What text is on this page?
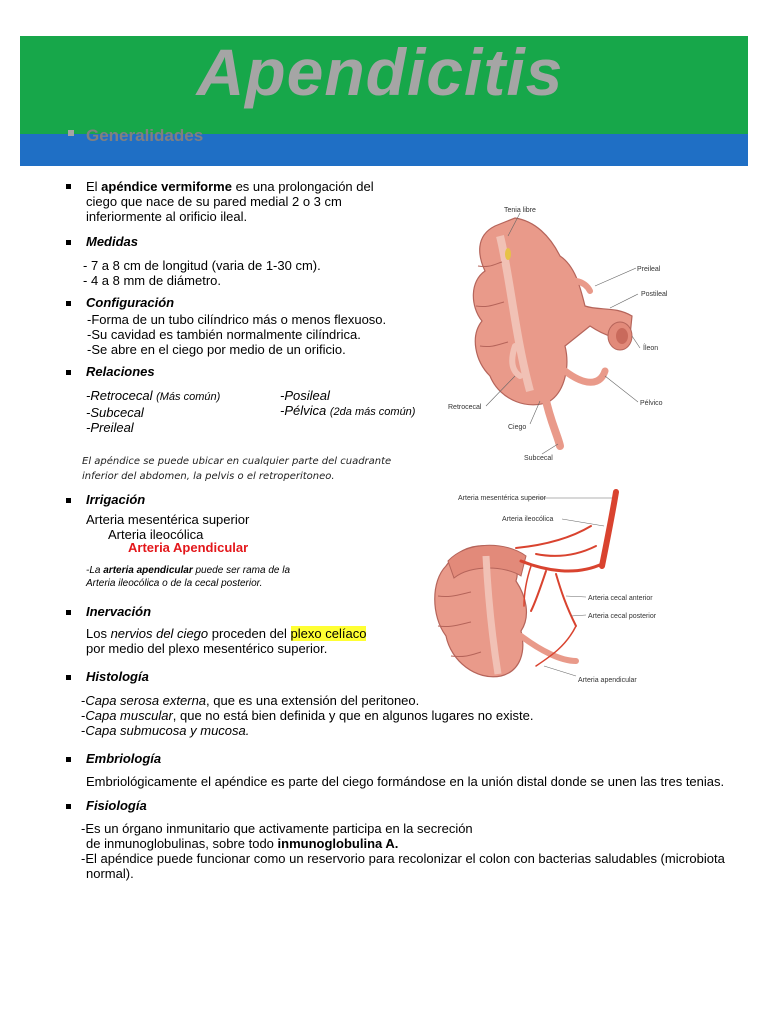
Apendicitis
Generalidades
El apéndice vermiforme es una prolongación del
ciego que nace de su pared medial 2 o 3 cm
inferiormente al orificio ileal.
Medidas
- 7 a 8 cm de longitud (varia de 1-30 cm).
- 4 a 8 mm de diámetro.
Configuración
-Forma de un tubo cilíndrico más o menos flexuoso.
-Su cavidad es también normalmente cilíndrica.
-Se abre en el ciego por medio de un orificio.
Relaciones
-Retrocecal (Más común)
-Subcecal
-Preileal
-Posileal
-Pélvica (2da más común)
El apéndice se puede ubicar en cualquier parte del cuadrante
inferior del abdomen, la pelvis o el retroperitoneo.
Irrigación
Arteria mesentérica superior
Arteria ileocólica
Arteria Apendicular
-La arteria apendicular puede ser rama de la
Arteria ileocólica o de la cecal posterior.
Inervación
Los nervios del ciego proceden del plexo celíaco
por medio del plexo mesentérico superior.
Histología
-Capa serosa externa, que es una extensión del peritoneo.
-Capa muscular, que no está bien definida y que en algunos lugares no existe.
-Capa submucosa y mucosa.
Embriología
Embriológicamente el apéndice es parte del ciego formándose en la unión distal donde se unen las tres tenias.
Fisiología
-Es un órgano inmunitario que activamente participa en la secreción
de inmunoglobulinas, sobre todo inmunoglobulina A.
-El apéndice puede funcionar como un reservorio para recolonizar el colon con bacterias saludables (microbiota
normal).
Tenia libre
Preileal
Postileal
Íleon
Pélvico
Retrocecal
Ciego
Subcecal
Arteria mesentérica superior
Arteria ileocólica
Arteria cecal anterior
Arteria cecal posterior
Arteria apendicular
